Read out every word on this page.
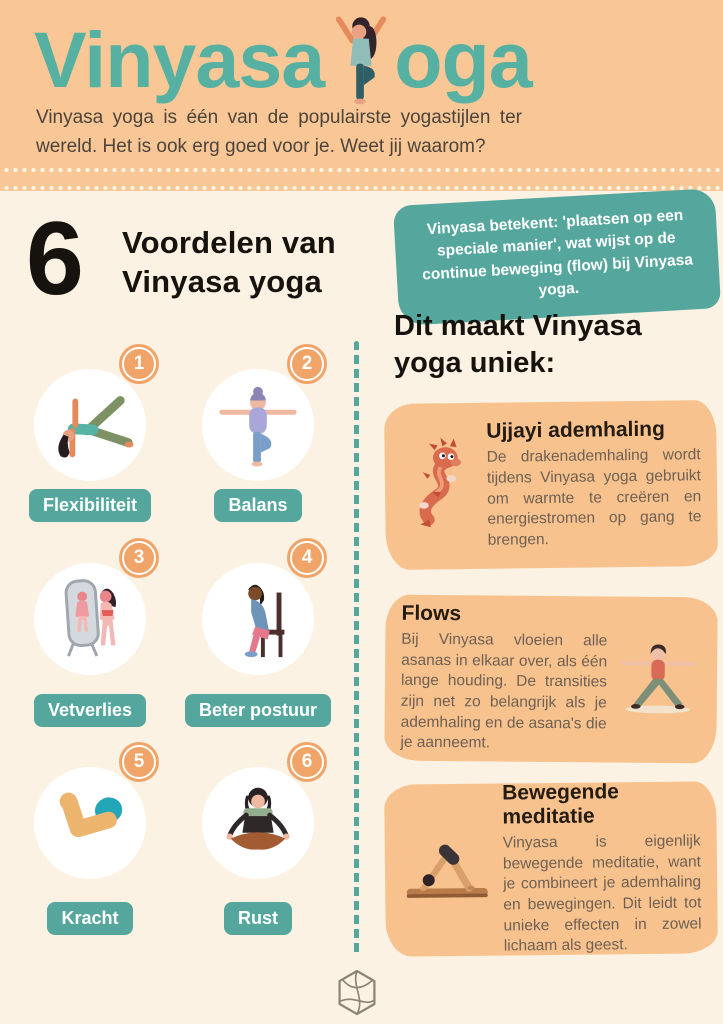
Vinyasa oga

Vinyasa yoga is één van de populairste yogastijlen ter wereld. Het is ook erg goed voor je. Weet jij waarom?

Vinyasa betekent: 'plaatsen op een speciale manier', wat wijst op de continue beweging (flow) bij Vinyasa yoga.
6 Voordelen van
Vinyasa yoga
Dit maakt Vinyasa yoga uniek:
1
Flexibiliteit
2
Balans
3
Vetverlies
4
Beter postuur
5
Kracht
6
Rust
Ujjayi ademhaling

De drakenademhaling wordt tijdens Vinyasa yoga gebruikt om warmte te creëren en energiestromen op gang te brengen.

Flows

Bij Vinyasa vloeien alle asanas in elkaar over, als één lange houding. De transities zijn net zo belangrijk als je ademhaling en de asana's die je aanneemt.

Bewegende meditatie

Vinyasa is eigenlijk bewegende meditatie, want je combineert je ademhaling en bewegingen. Dit leidt tot unieke effecten in zowel lichaam als geest.
